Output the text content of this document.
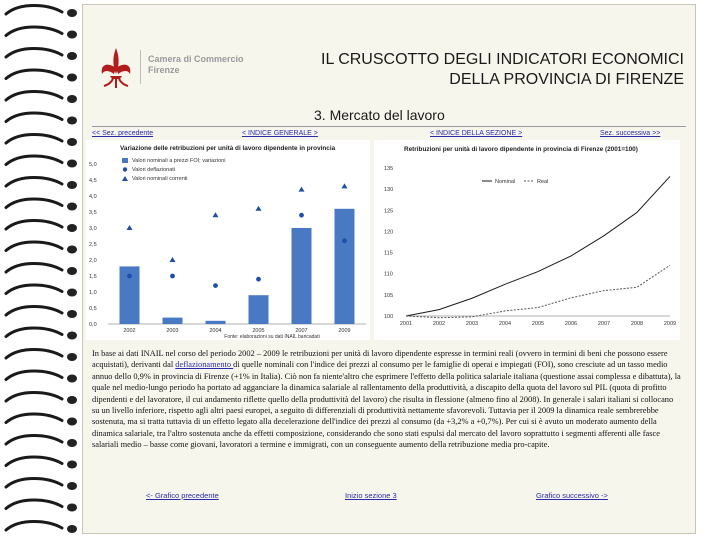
Camera di Commercio
Firenze
IL CRUSCOTTO DEGLI INDICATORI ECONOMICI
DELLA PROVINCIA DI FIRENZE
3. Mercato del lavoro
<< Sez. precedente	< INDICE GENERALE >	< INDICE DELLA SEZIONE >	Sez. successiva >>
Variazione delle retribuzioni per unità di lavoro dipendente in provincia
Valori nominali a prezzi FOI; variazioni
Valori deflazionati
Valori nominali correnti
5,0
4,5
4,0
3,5
3,0
2,5
2,0
1,5
1,0
0,5
0,0
2002	2003	2004	2005	2007	2009
Fonte: elaborazioni su dati INAIL bancadati
Retribuzioni per unità di lavoro dipendente in provincia di Firenze (2001=100)
135
130
125
120
115
110
105
100
2001	2002	2003	2004	2005	2006	2007	2008	2009
Nominal	Real
In base ai dati INAIL nel corso del periodo 2002 – 2009 le retribuzioni per unità di lavoro dipendente espresse in termini reali (ovvero in termini di beni che possono essere acquistati), derivanti dal deflazionamento di quelle nominali con l'indice dei prezzi al consumo per le famiglie di operai e impiegati (FOI), sono cresciute ad un tasso medio annuo dello 0,9% in provincia di Firenze (+1% in Italia). Ciò non fa niente'altro che esprimere l'effetto della politica salariale italiana (questione assai complessa e dibattuta), la quale nel medio-lungo periodo ha portato ad agganciare la dinamica salariale al rallentamento della produttività, a discapito della quota del lavoro sul PIL (quota di profitto dipendenti e del lavoratore, il cui andamento riflette quello della produttività del lavoro) che risulta in flessione (almeno fino al 2008). In generale i salari italiani si collocano su un livello inferiore, rispetto agli altri paesi europei, a seguito di differenziali di produttività nettamente sfavorevoli. Tuttavia per il 2009 la dinamica reale sembrerebbe sostenuta, ma si tratta tuttavia di un effetto legato alla decelerazione dell'indice dei prezzi al consumo (da +3,2% a +0,7%). Per cui si è avuto un moderato aumento della dinamica salariale, tra l'altro sostenuta anche da effetti composizione, considerando che sono stati espulsi dal mercato del lavoro soprattutto i segmenti afferenti alle fasce salariali medio – basse come giovani, lavoratori a termine e immigrati, con un conseguente aumento della retribuzione media pro-capite.
<- Grafico precedente	Inizio sezione 3	Grafico successivo ->
